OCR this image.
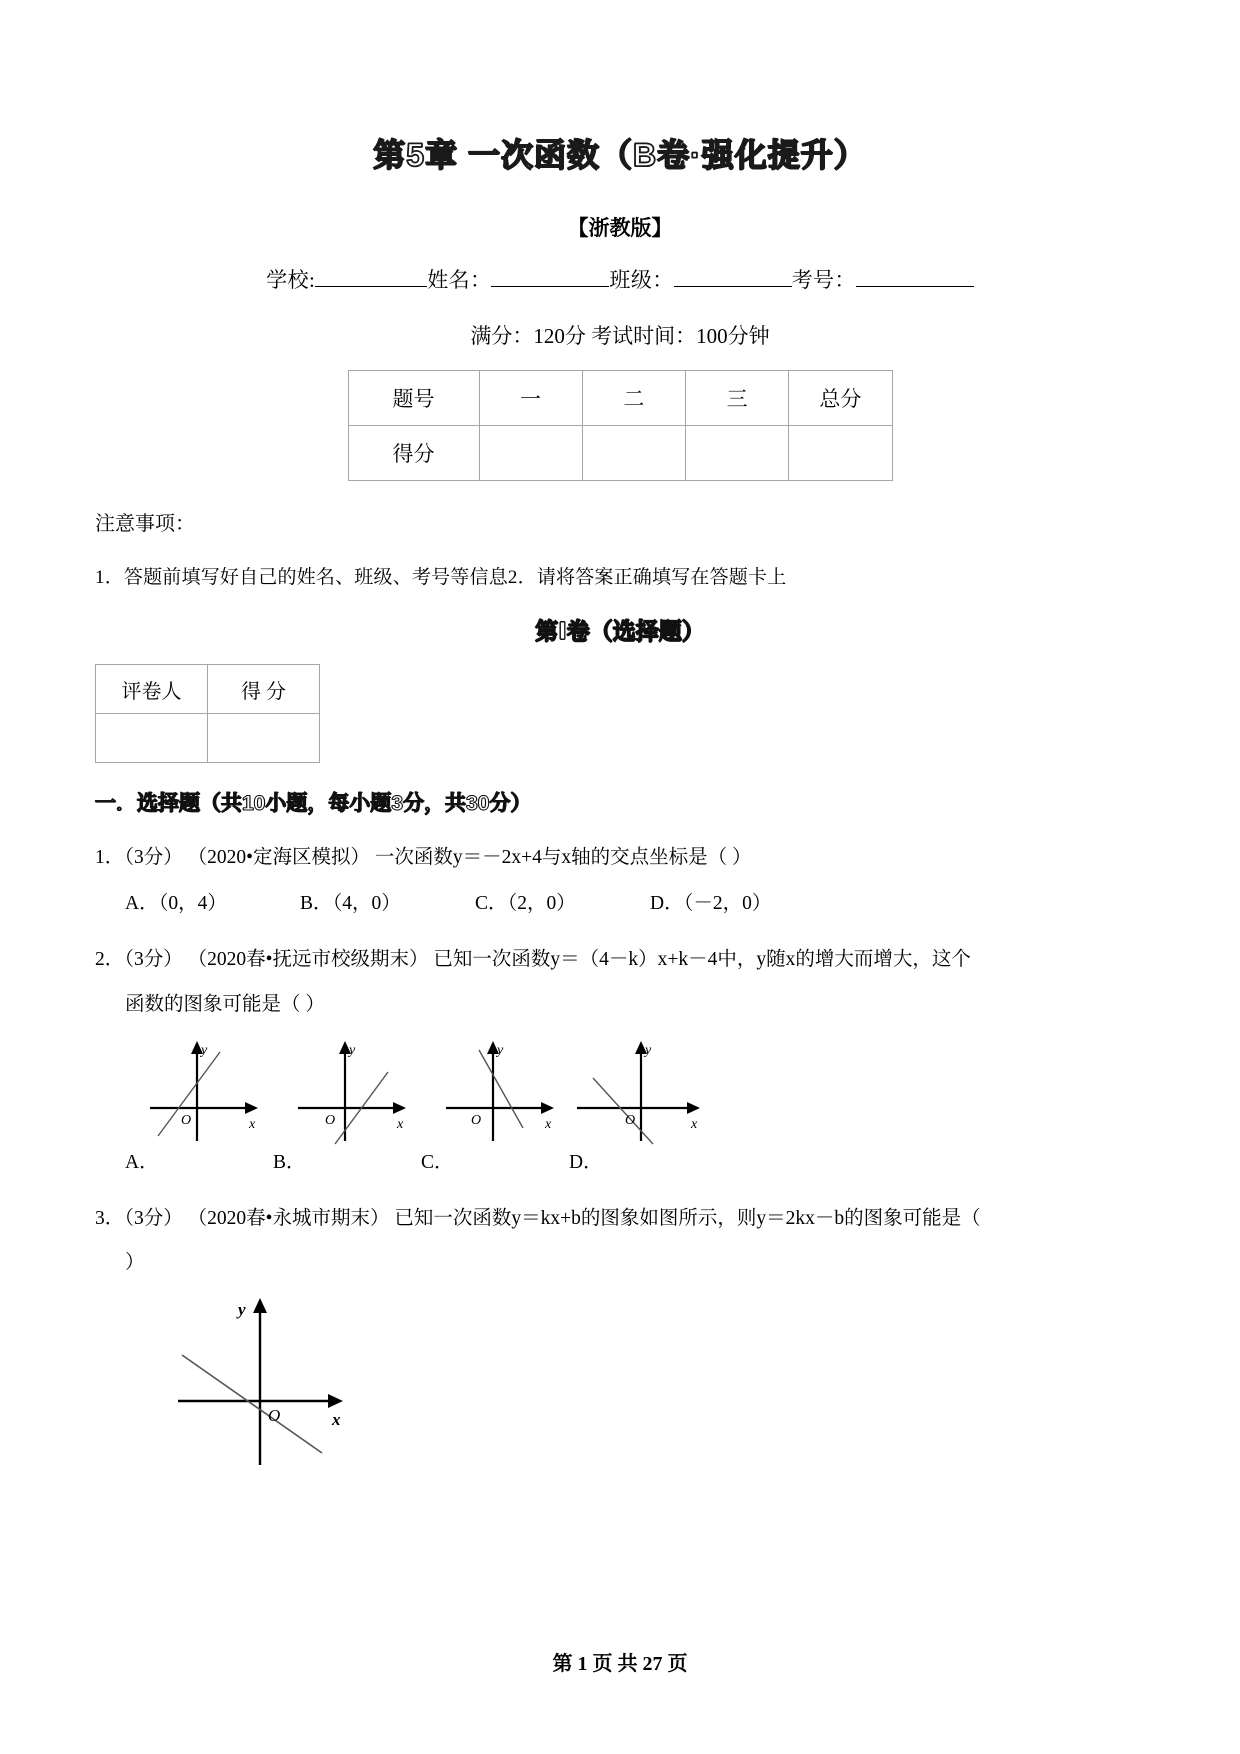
第5章 一次函数（B卷·强化提升）
【浙教版】
学校:	姓名：	班级：	考号：
满分：120分 考试时间：100分钟
题号	一	二	三	总分
得分				
注意事项：
1．答题前填写好自己的姓名、班级、考号等信息2．请将答案正确填写在答题卡上
第Ⅰ卷（选择题）
评卷人	得 分

一．选择题（共10小题，每小题3分，共30分）
1．（3分） （2020•定海区模拟） 一次函数y＝－2x+4与x轴的交点坐标是（ ）
A．（0，4）	B．（4，0）	C．（2，0）	D．（－2，0）
2．（3分） （2020春•抚远市校级期末） 已知一次函数y＝（4－k）x+k－4中，y随x的增大而增大，这个
函数的图象可能是（ ）
y
x
O
y
x
O
y
x
O
y
x
O
A．	B．	C．	D．
3．（3分） （2020春•永城市期末） 已知一次函数y＝kx+b的图象如图所示，则y＝2kx－b的图象可能是（
）
y
x
O
第 1 页 共 27 页
